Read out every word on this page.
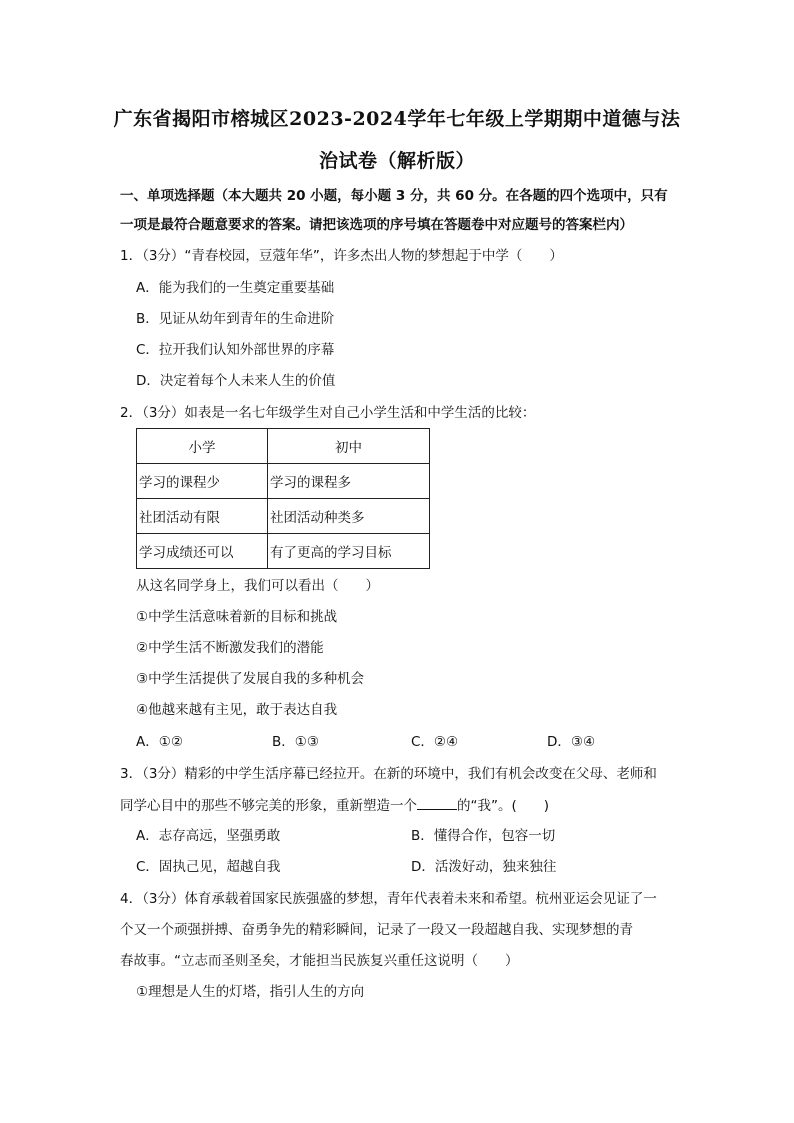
广东省揭阳市榕城区2023-2024学年七年级上学期期中道德与法
治试卷（解析版）
一、单项选择题（本大题共 20 小题，每小题 3 分，共 60 分。在各题的四个选项中，只有
一项是最符合题意要求的答案。请把该选项的序号填在答题卷中对应题号的答案栏内）
1．（3分）“青春校园，豆蔻年华”，许多杰出人物的梦想起于中学（　　）
A．能为我们的一生奠定重要基础
B．见证从幼年到青年的生命进阶
C．拉开我们认知外部世界的序幕
D．决定着每个人未来人生的价值
2．（3分）如表是一名七年级学生对自己小学生活和中学生活的比较：
小学	初中
学习的课程少	学习的课程多
社团活动有限	社团活动种类多
学习成绩还可以	有了更高的学习目标
从这名同学身上，我们可以看出（　　）
①中学生活意味着新的目标和挑战
②中学生活不断激发我们的潜能
③中学生活提供了发展自我的多种机会
④他越来越有主见，敢于表达自我
A．①②	B．①③	C．②④	D．③④
3．（3分）精彩的中学生活序幕已经拉开。在新的环境中，我们有机会改变在父母、老师和
同学心目中的那些不够完美的形象，重新塑造一个	的“我”。(　　)
A．志存高远，坚强勇敢	B．懂得合作，包容一切
C．固执己见，超越自我	D．活泼好动，独来独往
4．（3分）体育承载着国家民族强盛的梦想，青年代表着未来和希望。杭州亚运会见证了一
个又一个顽强拼搏、奋勇争先的精彩瞬间，记录了一段又一段超越自我、实现梦想的青
春故事。“立志而圣则圣矣，才能担当民族复兴重任这说明（　　）
①理想是人生的灯塔，指引人生的方向
